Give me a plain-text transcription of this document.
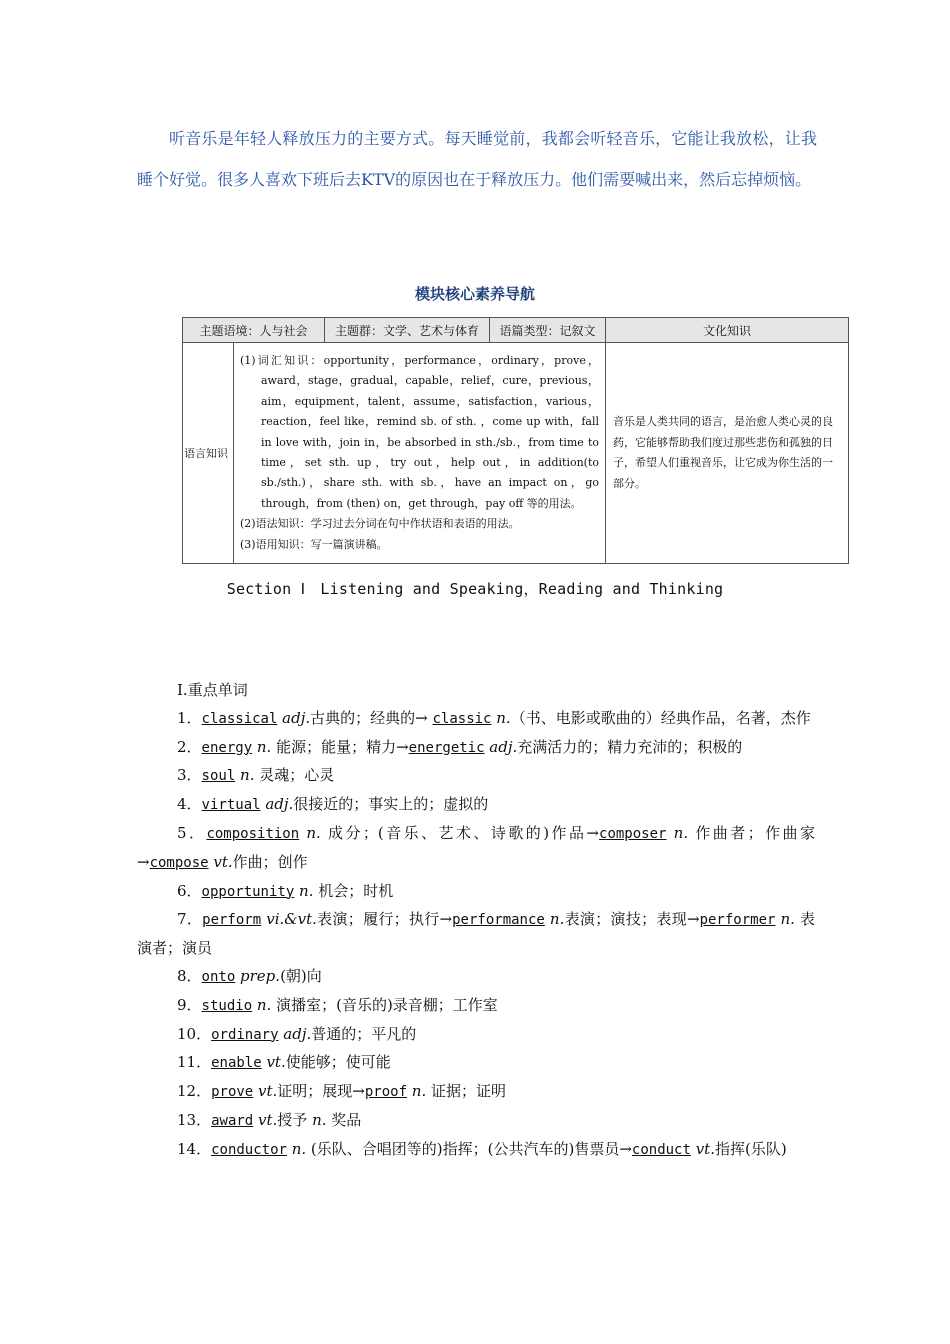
听音乐是年轻人释放压力的主要方式。每天睡觉前，我都会听轻音乐，它能让我放松，让我睡个好觉。很多人喜欢下班后去KTV的原因也在于释放压力。他们需要喊出来，然后忘掉烦恼。

模块核心素养导航
主题语境：人与社会		主题群：文学、艺术与体育	语篇类型：记叙文	文化知识
语言知识	(1)词汇知识：opportunity，performance，ordinary，prove，award，stage，gradual，capable，relief，cure，previous，aim，equipment，talent，assume，satisfaction，various，reaction，feel like，remind sb. of sth. ，come up with，fall in love with，join in，be absorbed in sth./sb.，from time to time，set sth. up，try out，help out，in addition(to sb./sth.)，share sth. with sb.，have an impact on，go through，from (then) on，get through，pay off 等的用法。
(2)语法知识：学习过去分词在句中作状语和表语的用法。
(3)语用知识：写一篇演讲稿。			音乐是人类共同的语言，是治愈人类心灵的良药，它能够帮助我们度过那些悲伤和孤独的日子，希望人们重视音乐，让它成为你生活的一部分。
Section Ⅰ　Listening and Speaking，Reading and Thinking
Ⅰ.重点单词
1．classical adj.古典的；经典的→ classic n.（书、电影或歌曲的）经典作品，名著，杰作
2．energy n. 能源；能量；精力→energetic adj.充满活力的；精力充沛的；积极的
3．soul n. 灵魂；心灵
4．virtual adj.很接近的；事实上的；虚拟的
5．composition n. 成分；(音乐、艺术、诗歌的)作品→composer n. 作曲者；作曲家→compose vt.作曲；创作
6．opportunity n. 机会；时机
7．perform vi.&vt.表演；履行；执行→performance n.表演；演技；表现→performer n. 表演者；演员
8．onto prep.(朝)向
9．studio n. 演播室；(音乐的)录音棚；工作室
10．ordinary adj.普通的；平凡的
11．enable vt.使能够；使可能
12．prove vt.证明；展现→proof n. 证据；证明
13．award vt.授予 n. 奖品
14．conductor n. (乐队、合唱团等的)指挥；(公共汽车的)售票员→conduct vt.指挥(乐队)
